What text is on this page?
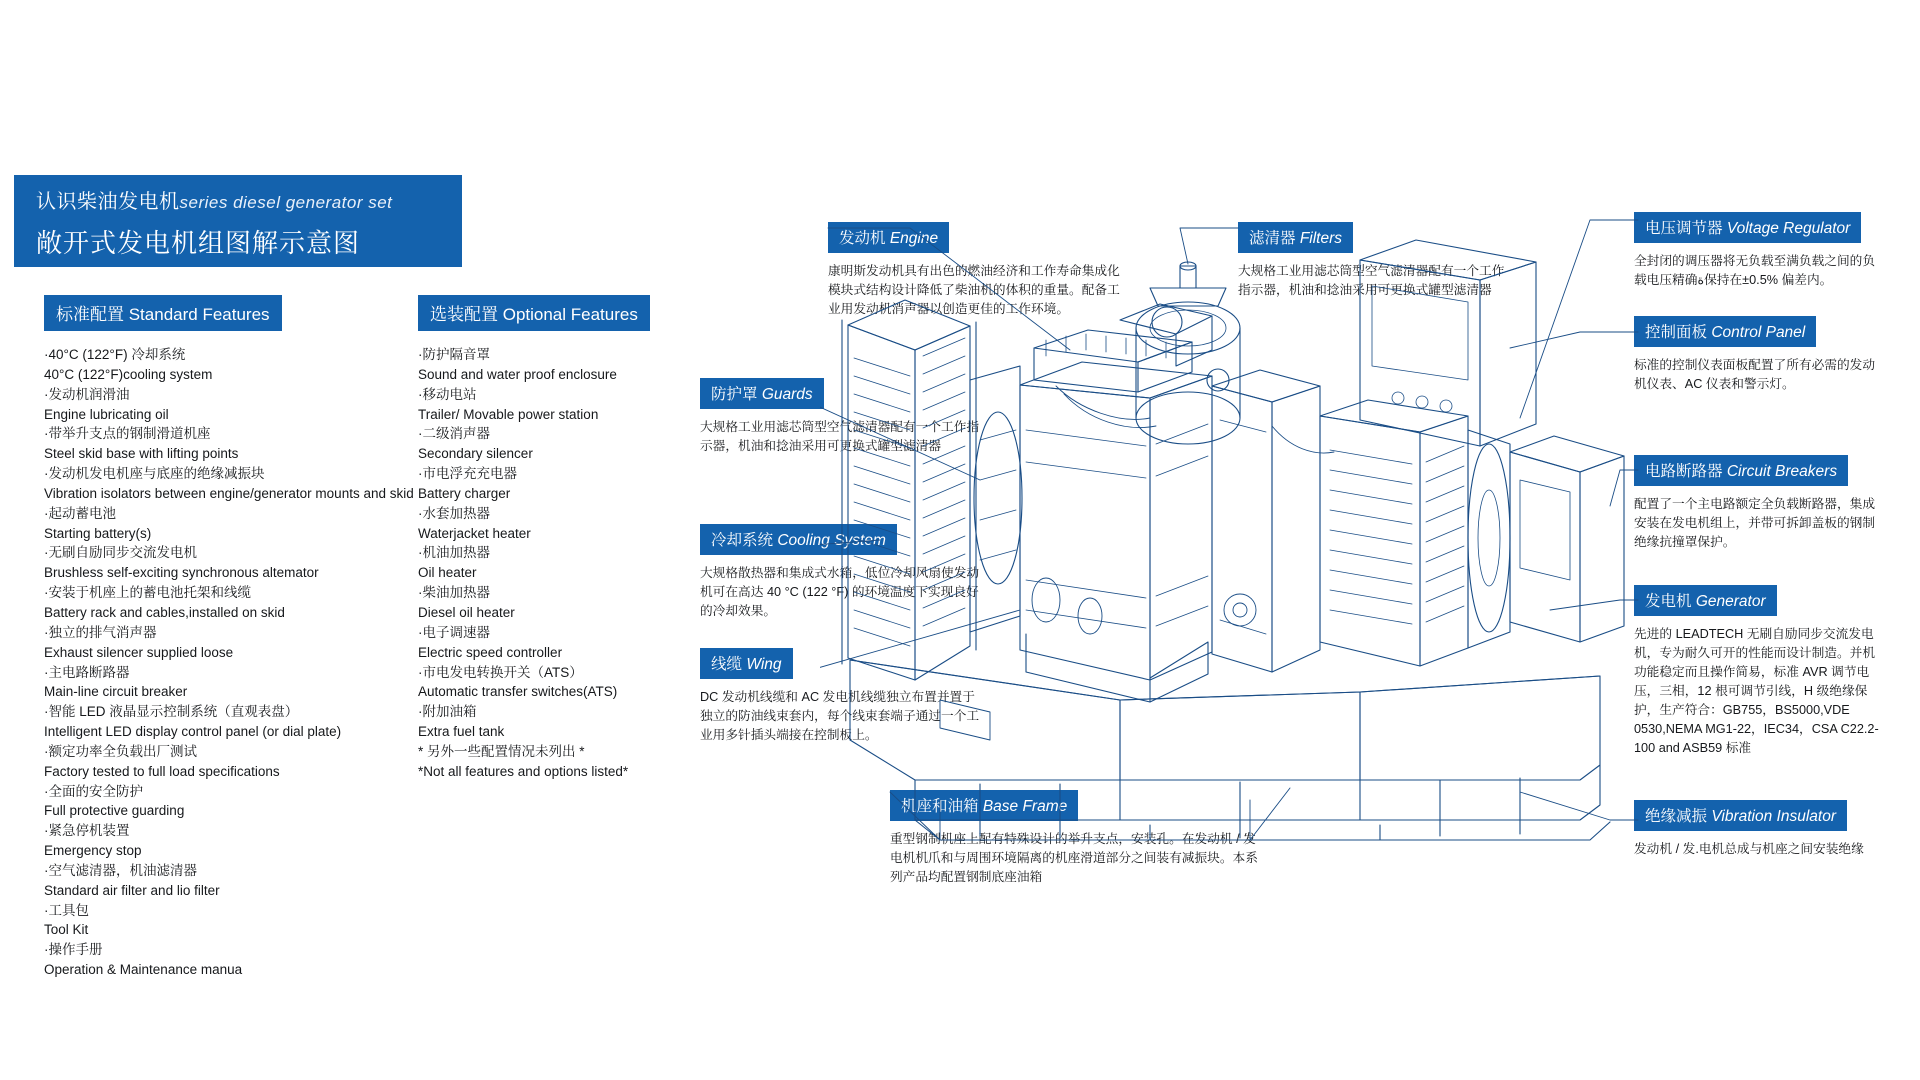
认识柴油发电机series diesel generator set
敞开式发电机组图解示意图
标准配置 Standard Features
·40°C (122°F) 冷却系统
40°C (122°F)cooling system
·发动机润滑油
Engine lubricating oil
·带举升支点的钢制滑道机座
Steel skid base with lifting points
·发动机发电机座与底座的绝缘减振块
Vibration isolators between engine/generator mounts and skid
·起动蓄电池
Starting battery(s)
·无刷自励同步交流发电机
Brushless self-exciting synchronous altemator
·安装于机座上的蓄电池托架和线缆
Battery rack and cables,installed on skid
·独立的排气消声器
Exhaust silencer supplied loose
·主电路断路器
Main-line circuit breaker
·智能 LED 液晶显示控制系统（直观表盘）
Intelligent LED display control panel (or dial plate)
·额定功率全负载出厂测试
Factory tested to full load specifications
·全面的安全防护
Full protective guarding
·紧急停机装置
Emergency stop
·空气滤清器，机油滤清器
Standard air filter and lio filter
·工具包
Tool Kit
·操作手册
Operation & Maintenance manua
选装配置 Optional Features
·防护隔音罩
Sound and water proof enclosure
·移动电站
Trailer/ Movable power station
·二级消声器
Secondary silencer
·市电浮充充电器
Battery charger
·水套加热器
Waterjacket heater
·机油加热器
Oil heater
·柴油加热器
Diesel oil heater
·电子调速器
Electric speed controller
·市电发电转换开关（ATS）
Automatic transfer switches(ATS)
·附加油箱
Extra fuel tank
* 另外一些配置情况未列出 *
*Not all features and options listed*
发动机 Engine
康明斯发动机具有出色的燃油经济和工作寿命集成化模块式结构设计降低了柴油机的体积的重量。配备工业用发动机消声器以创造更佳的工作环境。
防护罩 Guards
大规格工业用滤芯筒型空气滤清器配有一个工作指示器，机油和捻油采用可更换式罐型滤清器
冷却系统 Cooling System
大规格散热器和集成式水箱，低位冷却风扇使发动机可在高达 40 °C (122 °F) 的环境温度下实现良好的冷却效果。
线缆 Wing
DC 发动机线缆和 AC 发电机线缆独立布置并置于独立的防油线束套内，每个线束套端子通过一个工业用多针插头端接在控制板上。
滤清器 Filters
大规格工业用滤芯筒型空气滤清器配有一个工作指示器，机油和捻油采用可更换式罐型滤清器
机座和油箱 Base Frame
重型钢制机座上配有特殊设计的举升支点，安装孔。在发动机 / 发电机机爪和与周围环境隔离的机座滑道部分之间装有减振块。本系列产品均配置钢制底座油箱
电压调节器 Voltage Regulator
全封闭的调压器将无负载至满负载之间的负载电压精确ة保持在±0.5% 偏差内。
控制面板 Control Panel
标准的控制仪表面板配置了所有必需的发动机仪表、AC 仪表和警示灯。
电路断路器 Circuit Breakers
配置了一个主电路额定全负载断路器，集成安装在发电机组上，并带可拆卸盖板的钢制绝缘抗撞罩保护。
发电机 Generator
先进的 LEADTECH 无刷自励同步交流发电机，专为耐久可开的性能而设计制造。并机功能稳定而且操作简易，标准 AVR 调节电压，三相，12 根可调节引线，H 级绝缘保护，生产符合：GB755，BS5000,VDE 0530,NEMA MG1-22，IEC34，CSA C22.2-100 and ASB59 标准
绝缘减振 Vibration Insulator
发动机 / 发.电机总成与机座之间安装绝缘
